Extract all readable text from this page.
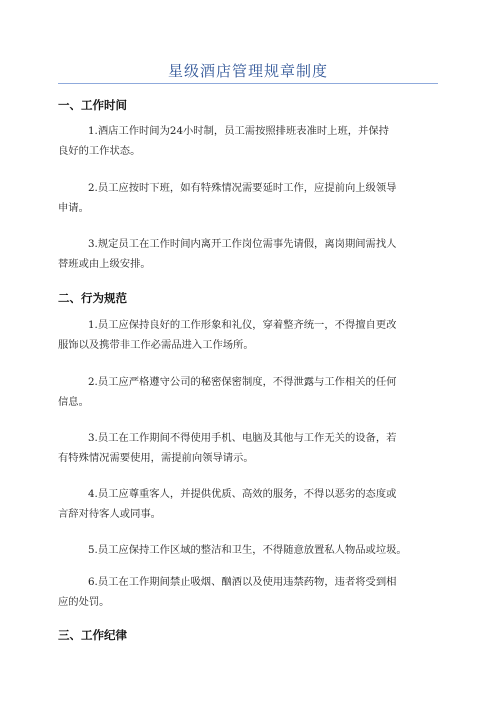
星级酒店管理规章制度
一、工作时间
1.酒店工作时间为24小时制，员工需按照排班表准时上班，并保持
良好的工作状态。
2.员工应按时下班，如有特殊情况需要延时工作，应提前向上级领导
申请。
3.规定员工在工作时间内离开工作岗位需事先请假，离岗期间需找人
替班或由上级安排。
二、行为规范
1.员工应保持良好的工作形象和礼仪，穿着整齐统一，不得擅自更改
服饰以及携带非工作必需品进入工作场所。
2.员工应严格遵守公司的秘密保密制度，不得泄露与工作相关的任何
信息。
3.员工在工作期间不得使用手机、电脑及其他与工作无关的设备，若
有特殊情况需要使用，需提前向领导请示。
4.员工应尊重客人，并提供优质、高效的服务，不得以恶劣的态度或
言辞对待客人或同事。
5.员工应保持工作区域的整洁和卫生，不得随意放置私人物品或垃圾。
6.员工在工作期间禁止吸烟、酗酒以及使用违禁药物，违者将受到相
应的处罚。
三、工作纪律
